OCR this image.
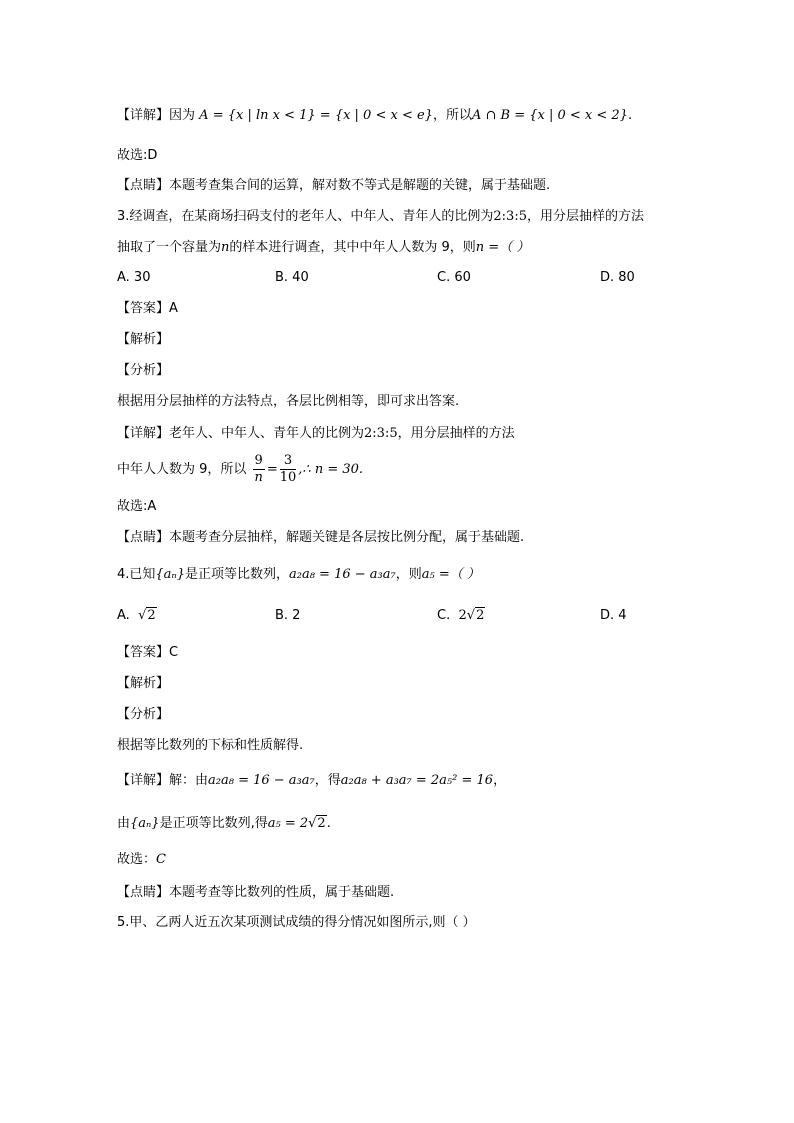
【详解】因为 A = {x | ln x < 1} = {x | 0 < x < e}，所以A ∩ B = {x | 0 < x < 2}.
故选:D
【点睛】本题考查集合间的运算，解对数不等式是解题的关键，属于基础题.
3.经调查，在某商场扫码支付的老年人、中年人、青年人的比例为2:3:5，用分层抽样的方法
抽取了一个容量为n的样本进行调查，其中中年人人数为 9，则n =（ ）
A. 30	B. 40	C. 60	D. 80
【答案】A
【解析】
【分析】
根据用分层抽样的方法特点，各层比例相等，即可求出答案.
【详解】老年人、中年人、青年人的比例为2:3:5，用分层抽样的方法
中年人人数为 9，所以 $\frac{9}{n} = \frac{3}{10}$ ,∴ n = 30.
故选:A
【点睛】本题考查分层抽样，解题关键是各层按比例分配，属于基础题.
4.已知{aₙ}是正项等比数列，a₂a₈ = 16 − a₃a₇，则a₅ =（ ）
A. √2	B. 2	C. 2√2	D. 4
【答案】C
【解析】
【分析】
根据等比数列的下标和性质解得.
【详解】解：由a₂a₈ = 16 − a₃a₇，得a₂a₈ + a₃a₇ = 2a₅² = 16，
由{aₙ}是正项等比数列,得a₅ = 2√2.
故选：C
【点睛】本题考查等比数列的性质，属于基础题.
5.甲、乙两人近五次某项测试成绩的得分情况如图所示,则（ ）
